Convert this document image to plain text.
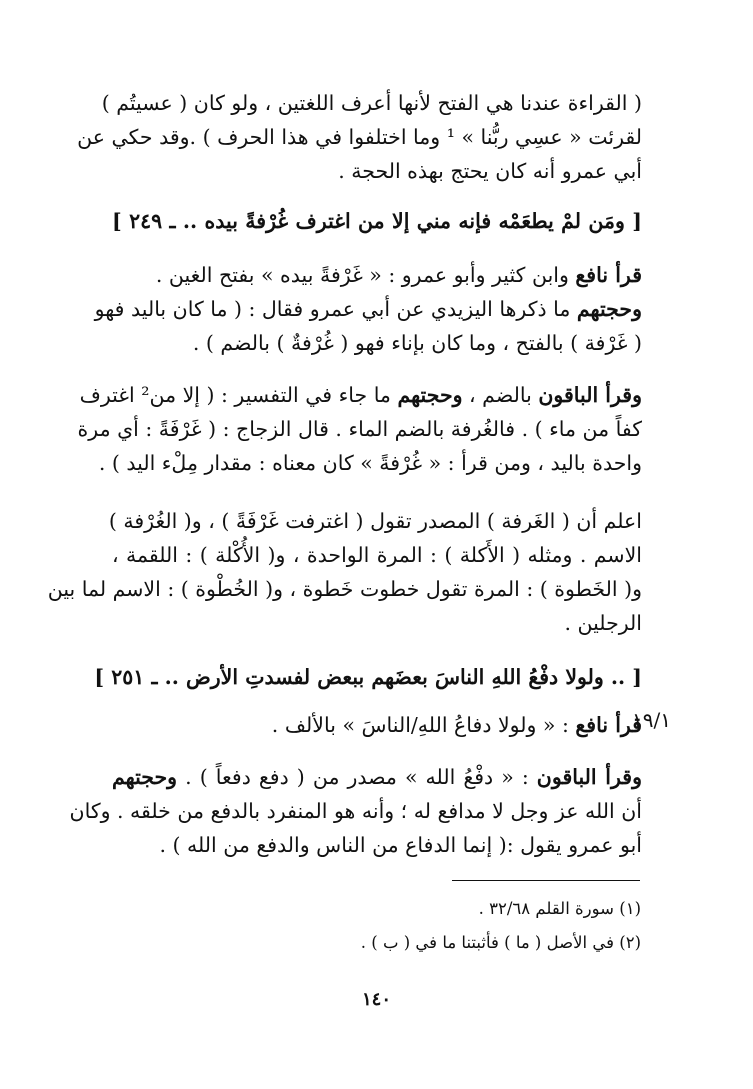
( القراءة عندنا هي الفتح لأنها أعرف اللغتين ، ولو كان ( عسيتُم )
لقرئت « عسِي ربُّنا » ¹ وما اختلفوا في هذا الحرف ) .وقد حكي عن
أبي عمرو أنه كان يحتج بهذه الحجة .
[ ومَن لمْ يطعَمْه فإنه مني إلا من اغترف غُرْفةً بيده .. ـ ٢٤٩ ]
قرأ نافع وابن كثير وأبو عمرو : « غَرْفةً بيده » بفتح الغين .
وحجتهم ما ذكرها اليزيدي عن أبي عمرو فقال : ( ما كان باليد فهو
( غَرْفة ) بالفتح ، وما كان بإناء فهو ( غُرْفةٌ ) بالضم ) .
وقرأ الباقون بالضم ، وحجتهم ما جاء في التفسير : ( إلا من² اغترف
كفاً من ماء ) . فالغُرفة بالضم الماء . قال الزجاج : ( غَرْفَةً : أي مرة
واحدة باليد ، ومن قرأ : « غُرْفةً » كان معناه : مقدار مِلْء اليد ) .
اعلم أن ( الغَرفة ) المصدر تقول ( اغترفت غَرْفَةً ) ، و( الغُرْفة )
الاسم . ومثله ( الأَكلة ) : المرة الواحدة ، و( الأُكْلة ) : اللقمة ،
و( الخَطوة ) : المرة تقول خطوت خَطوة ، و( الخُطْوة ) : الاسم لما بين
الرجلين .
[ .. ولولا دفْعُ اللهِ الناسَ بعضَهم ببعض لفسدتِ الأرض .. ـ ٢٥١ ]
١٩/١
قرأ نافع : « ولولا دفاعُ اللهِ/الناسَ » بالألف .
وقرأ الباقون : « دفْعُ الله » مصدر من ( دفع دفعاً ) . وحجتهم
أن الله عز وجل لا مدافع له ؛ وأنه هو المنفرد بالدفع من خلقه . وكان
أبو عمرو يقول :( إنما الدفاع من الناس والدفع من الله ) .
(١) سورة القلم ٣٢/٦٨ .
(٢) في الأصل ( ما ) فأثبتنا ما في ( ب ) .
١٤٠
